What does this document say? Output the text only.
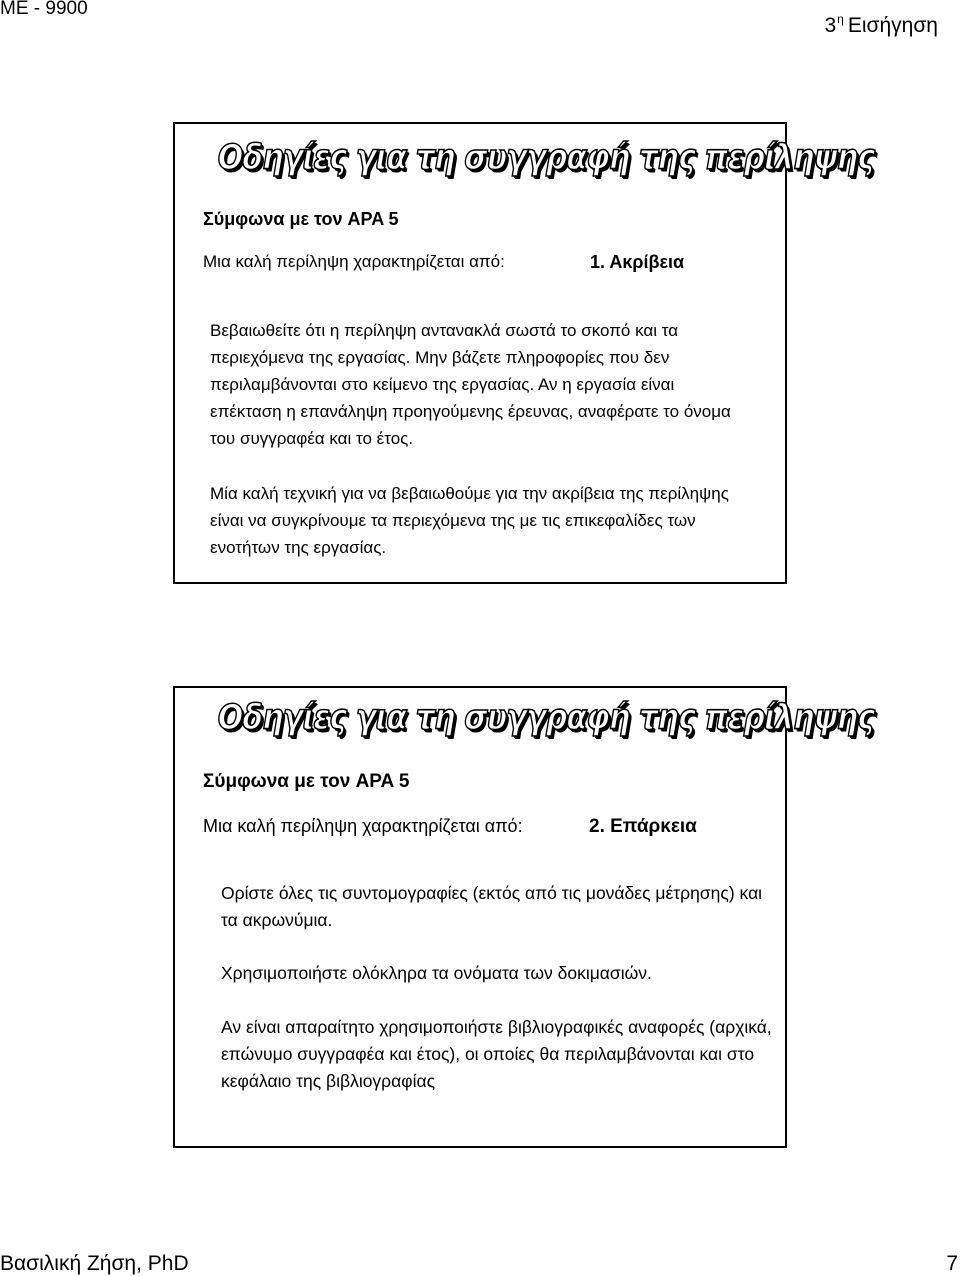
ΜΕ - 9900
$3^\eta$ Εισήγηση
Οδηγίες για τη συγγραφή της περίληψης
Σύμφωνα με τον APA 5
Μια καλή περίληψη χαρακτηρίζεται από:	1. Ακρίβεια
Βεβαιωθείτε ότι η περίληψη αντανακλά σωστά το σκοπό και τα περιεχόμενα της εργασίας. Μην βάζετε πληροφορίες που δεν περιλαμβάνονται στο κείμενο της εργασίας. Αν η εργασία είναι επέκταση η επανάληψη προηγούμενης έρευνας, αναφέρατε το όνομα του συγγραφέα και το έτος.
Μία καλή τεχνική για να βεβαιωθούμε για την ακρίβεια της περίληψης είναι να συγκρίνουμε τα περιεχόμενα της με τις επικεφαλίδες των ενοτήτων της εργασίας.
Οδηγίες για τη συγγραφή της περίληψης
Σύμφωνα με τον APA 5
Μια καλή περίληψη χαρακτηρίζεται από:	2. Επάρκεια
Ορίστε όλες τις συντομογραφίες (εκτός από τις μονάδες μέτρησης) και τα ακρωνύμια.
Χρησιμοποιήστε ολόκληρα τα ονόματα των δοκιμασιών.
Αν είναι απαραίτητο χρησιμοποιήστε βιβλιογραφικές αναφορές (αρχικά, επώνυμο συγγραφέα και έτος), οι οποίες θα περιλαμβάνονται και στο κεφάλαιο της βιβλιογραφίας
Βασιλική Ζήση, PhD	7
